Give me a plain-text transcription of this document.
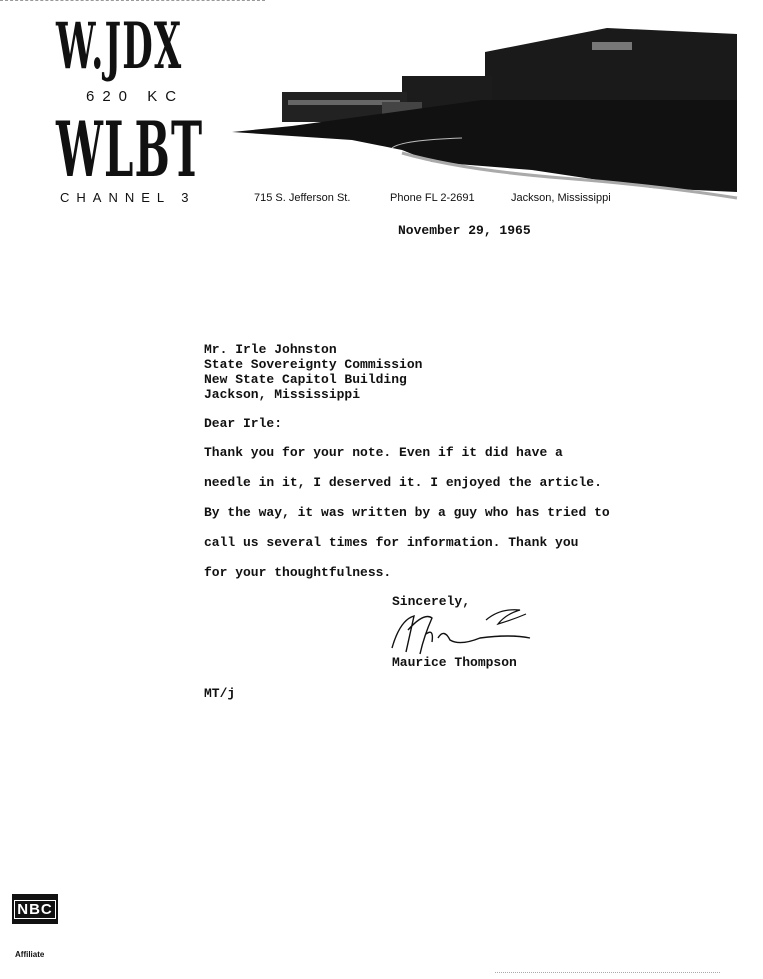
W.JDX
620 KC
WLBT
CHANNEL 3	715 S. Jefferson St.	Phone FL 2-2691	Jackson, Mississippi
November 29, 1965
Mr. Irle Johnston
State Sovereignty Commission
New State Capitol Building
Jackson, Mississippi
Dear Irle:
Thank you for your note. Even if it did have a
needle in it, I deserved it. I enjoyed the article.
By the way, it was written by a guy who has tried to
call us several times for information. Thank you
for your thoughtfulness.
Sincerely,
Maurice Thompson
MT/j
NBC
Affiliate
